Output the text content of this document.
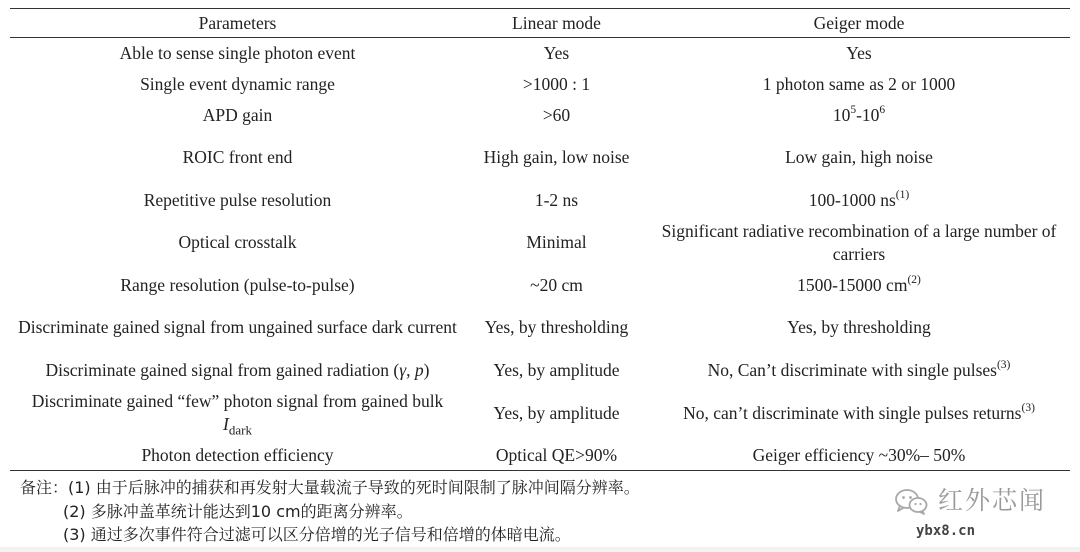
Parameters	Linear mode	Geiger mode
Able to sense single photon event	Yes	Yes
Single event dynamic range	>1000 : 1	1 photon same as 2 or 1000
APD gain	>60	$10^5-10^6$
ROIC front end	High gain, low noise	Low gain, high noise
Repetitive pulse resolution	1-2 ns	100-1000 $ns^{(1)}$
Optical crosstalk	Minimal	Significant radiative recombination of a large number of carriers
Range resolution (pulse-to-pulse)	~20 cm	1500-15000 $cm^{(2)}$
Discriminate gained signal from ungained surface dark current	Yes, by thresholding	Yes, by thresholding
Discriminate gained signal from gained radiation (γ, p)	Yes, by amplitude	No, Can’t discriminate with single pulses$^{(3)}$
Discriminate gained “few” photon signal from gained bulk $I_{dark}$	Yes, by amplitude	No, can’t discriminate with single pulses returns$^{(3)}$
Photon detection efficiency	Optical QE>90%	Geiger efficiency ~30%– 50%
备注：(1) 由于后脉冲的捕获和再发射大量载流子导致的死时间限制了脉冲间隔分辨率。
(2) 多脉冲盖革统计能达到10 cm的距离分辨率。
(3) 通过多次事件符合过滤可以区分倍增的光子信号和倍增的体暗电流。
红外芯闻
ybx8.cn
